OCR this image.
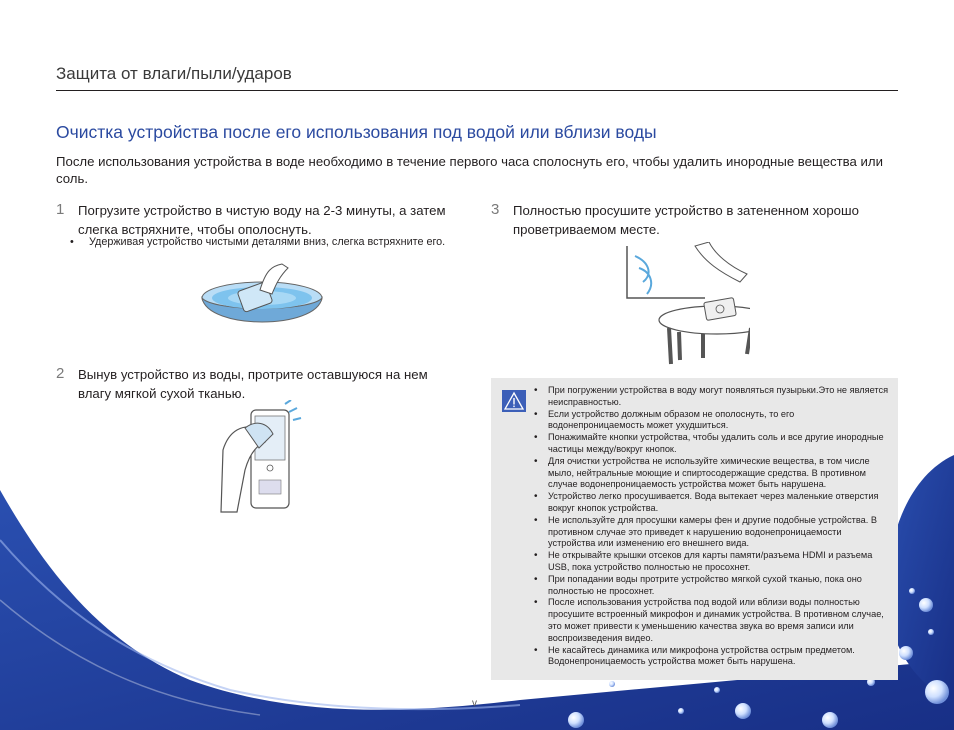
Защита от влаги/пыли/ударов
Очистка устройства после его использования под водой или вблизи воды
После использования устройства в воде необходимо в течение первого часа сполоснуть его, чтобы удалить инородные вещества или соль.
1 Погрузите устройство в чистую воду на 2-3 минуты, а затем слегка встряхните, чтобы ополоснуть.
• Удерживая устройство чистыми деталями вниз, слегка встряхните его.
2 Вынув устройство из воды, протрите оставшуюся на нем влагу мягкой сухой тканью.
3 Полностью просушите устройство в затененном хорошо проветриваемом месте.
• При погружении устройства в воду могут появляться пузырьки.Это не является неисправностью.
• Если устройство должным образом не ополоснуть, то его водонепроницаемость может ухудшиться.
• Понажимайте кнопки устройства, чтобы удалить соль и все другие инородные частицы между/вокруг кнопок.
• Для очистки устройства не используйте химические вещества, в том числе мыло, нейтральные моющие и спиртосодержащие средства. В противном случае водонепроницаемость устройства может быть нарушена.
• Устройство легко просушивается. Вода вытекает через маленькие отверстия вокруг кнопок устройства.
• Не используйте для просушки камеры фен и другие подобные устройства. В противном случае это приведет к нарушению водонепроницаемости устройства или изменению его внешнего вида.
• Не открывайте крышки отсеков для карты памяти/разъема HDMI и разъема USB, пока устройство полностью не просохнет.
• При попадании воды протрите устройство мягкой сухой тканью, пока оно полностью не просохнет.
• После использования устройства под водой или вблизи воды полностью просушите встроенный микрофон и динамик устройства. В противном случае, это может привести к уменьшению качества звука во время записи или воспроизведения видео.
• Не касайтесь динамика или микрофона устройства острым предметом. Водонепроницаемость устройства может быть нарушена.
v
